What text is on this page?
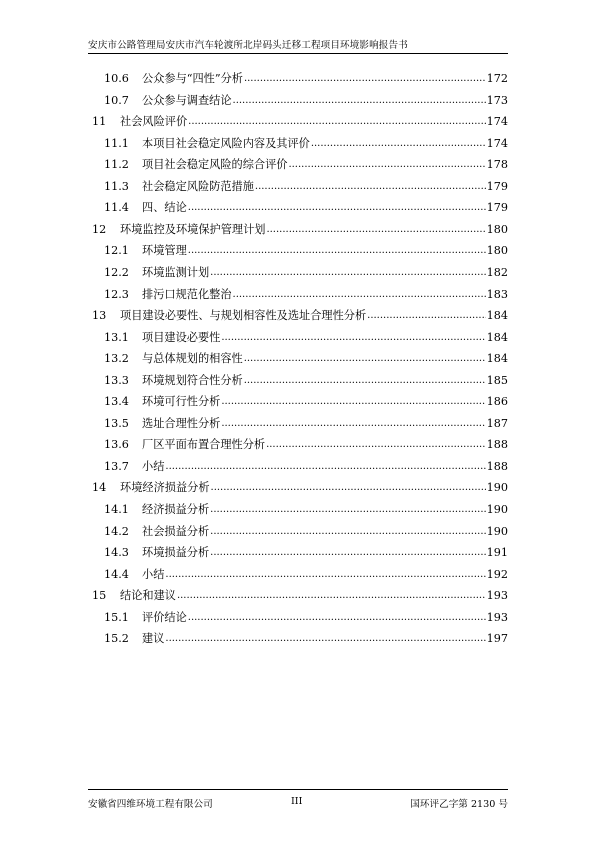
安庆市公路管理局安庆市汽车轮渡所北岸码头迁移工程项目环境影响报告书
10.6	公众参与“四性”分析 .....	172
10.7	公众参与调查结论 .....	173
11	社会风险评价 .....	174
11.1	本项目社会稳定风险内容及其评价 .....	174
11.2	项目社会稳定风险的综合评价 .....	178
11.3	社会稳定风险防范措施 .....	179
11.4	四、结论 .....	179
12	环境监控及环境保护管理计划 .....	180
12.1	环境管理 .....	180
12.2	环境监测计划 .....	182
12.3	排污口规范化整治 .....	183
13	项目建设必要性、与规划相容性及选址合理性分析 .....	184
13.1	项目建设必要性 .....	184
13.2	与总体规划的相容性 .....	184
13.3	环境规划符合性分析 .....	185
13.4	环境可行性分析 .....	186
13.5	选址合理性分析 .....	187
13.6	厂区平面布置合理性分析 .....	188
13.7	小结 .....	188
14	环境经济损益分析 .....	190
14.1	经济损益分析 .....	190
14.2	社会损益分析 .....	190
14.3	环境损益分析 .....	191
14.4	小结 .....	192
15	结论和建议 .....	193
15.1	评价结论 .....	193
15.2	建议 .....	197
安徽省四维环境工程有限公司	III	国环评乙字第 2130 号
